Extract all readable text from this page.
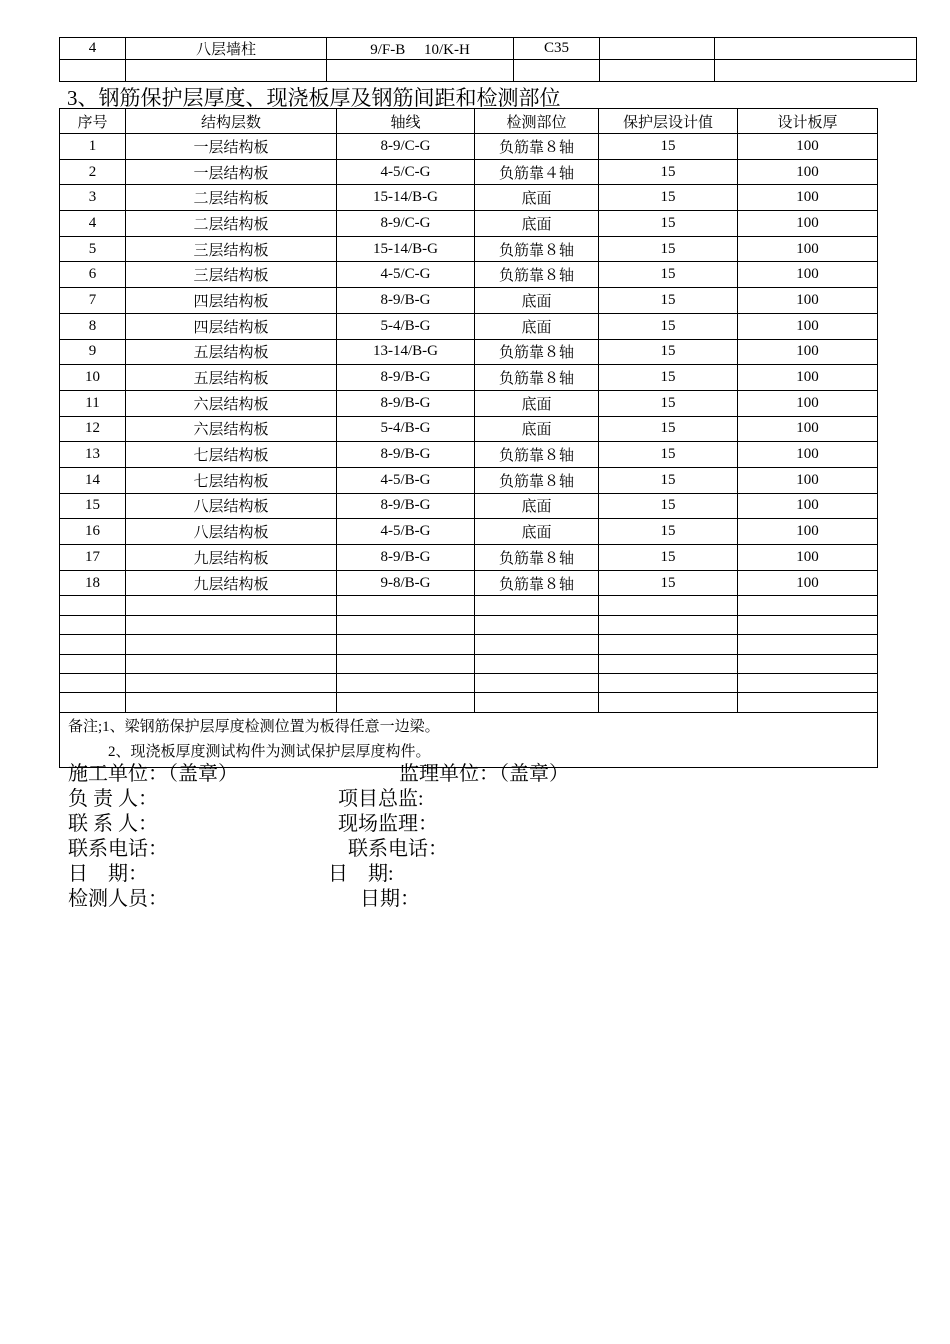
4	八层墙柱	9/F-B　 10/K-H	C35		

3、钢筋保护层厚度、现浇板厚及钢筋间距和检测部位
序号	结构层数	轴线	检测部位	保护层设计值	设计板厚
1	一层结构板	8-9/C-G	负筋靠８轴	15	100
2	一层结构板	4-5/C-G	负筋靠４轴	15	100
3	二层结构板	15-14/B-G	底面	15	100
4	二层结构板	8-9/C-G	底面	15	100
5	三层结构板	15-14/B-G	负筋靠８轴	15	100
6	三层结构板	4-5/C-G	负筋靠８轴	15	100
7	四层结构板	8-9/B-G	底面	15	100
8	四层结构板	5-4/B-G	底面	15	100
9	五层结构板	13-14/B-G	负筋靠８轴	15	100
10	五层结构板	8-9/B-G	负筋靠８轴	15	100
11	六层结构板	8-9/B-G	底面	15	100
12	六层结构板	5-4/B-G	底面	15	100
13	七层结构板	8-9/B-G	负筋靠８轴	15	100
14	七层结构板	4-5/B-G	负筋靠８轴	15	100
15	八层结构板	8-9/B-G	底面	15	100
16	八层结构板	4-5/B-G	底面	15	100
17	九层结构板	8-9/B-G	负筋靠８轴	15	100
18	九层结构板	9-8/B-G	负筋靠８轴	15	100

备注;1、梁钢筋保护层厚度检测位置为板得任意一边梁。
2、现浇板厚度测试构件为测试保护层厚度构件。					

施工单位：（盖章）

	监理单位：（盖章）

负 责 人：

	项目总监:

联 系 人：

	现场监理：

联系电话：

	联系电话：

日　期：

	日　期:

检测人员：

	日期：
